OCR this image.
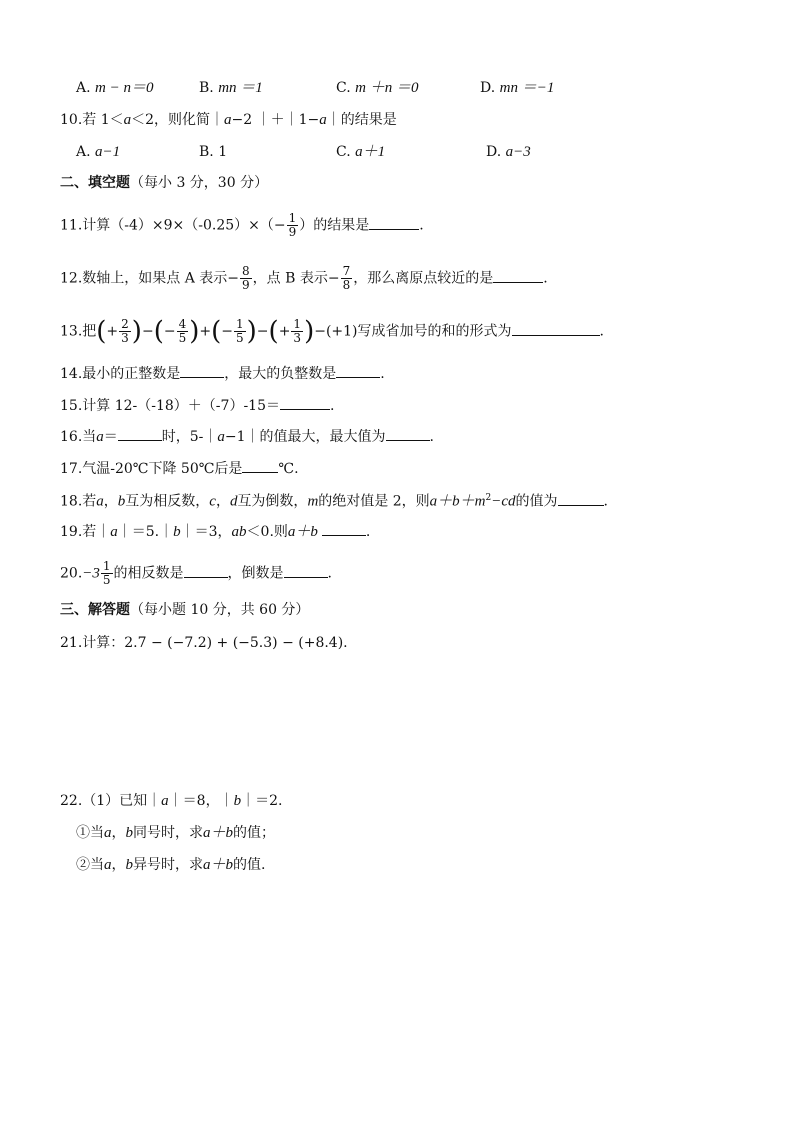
A. m − n＝0	B. mn ＝1	C. m ＋n ＝0	D. mn ＝−1
10.若 1＜a＜2，则化简｜a−2 ｜＋｜1−a｜的结果是
A. a−1	B. 1	C. a＋1	D. a−3
二、填空题（每小 3 分，30 分）
11.计算$(-4)\times 9\times(-0.25)\times(- \frac{1}{9}$ ）的结果是	.
12.数轴上，如果点 A 表示− $\frac{8}{9}$ ，点 B 表示− $\frac{7}{8}$ ，那么离原点较近的是	.
13.把(+ $\frac{2}{3}$ )−(− $\frac{4}{5}$ )+(− $\frac{1}{5}$ )−(+ $\frac{1}{3} )-(+1)$写成省加号的和的形式为	.
14.最小的正整数是	，最大的负整数是	.
15.计算 12-（-18）＋（-7）-15＝	.
16.当a＝	时，5-｜a−1｜的值最大，最大值为	.
17.气温-20℃下降 50℃后是	℃.
18.若a，b互为相反数，c，d互为倒数，m的绝对值是 2，则$a+b+m^2-cd$的值为	.
19.若｜a｜＝5.｜b｜＝3，ab＜0.则a＋b	.
$20.-3 \frac{1}{5}$ 的相反数是	，倒数是	.
三、解答题（每小题 10 分，共 60 分）
21.计算：2.7 − (−7.2) + (−5.3) − (+8.4).
22.（1）已知｜a｜＝8，｜b｜＝2.
①当a，b同号时，求a＋b的值；
②当a，b异号时，求a＋b的值.
